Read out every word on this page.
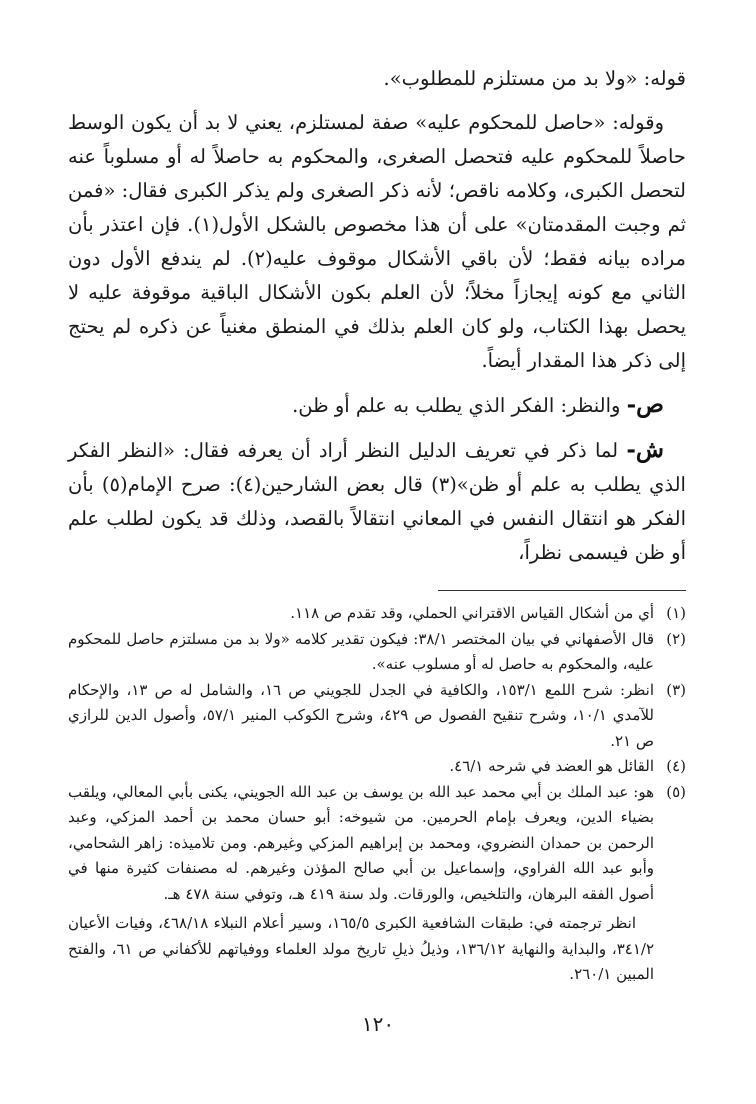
قوله: «ولا بد من مستلزم للمطلوب».

وقوله: «حاصل للمحكوم عليه» صفة لمستلزم، يعني لا بد أن يكون الوسط حاصلاً للمحكوم عليه فتحصل الصغرى، والمحكوم به حاصلاً له أو مسلوباً عنه لتحصل الكبرى، وكلامه ناقص؛ لأنه ذكر الصغرى ولم يذكر الكبرى فقال: «فمن ثم وجبت المقدمتان» على أن هذا مخصوص بالشكل الأول(١). فإن اعتذر بأن مراده بيانه فقط؛ لأن باقي الأشكال موقوف عليه(٢). لم يندفع الأول دون الثاني مع كونه إيجازاً مخلاً؛ لأن العلم بكون الأشكال الباقية موقوفة عليه لا يحصل بهذا الكتاب، ولو كان العلم بذلك في المنطق مغنياً عن ذكره لم يحتج إلى ذكر هذا المقدار أيضاً.

ص- والنظر: الفكر الذي يطلب به علم أو ظن.

ش- لما ذكر في تعريف الدليل النظر أراد أن يعرفه فقال: «النظر الفكر الذي يطلب به علم أو ظن»(٣) قال بعض الشارحين(٤): صرح الإمام(٥) بأن الفكر هو انتقال النفس في المعاني انتقالاً بالقصد، وذلك قد يكون لطلب علم أو ظن فيسمى نظراً،

(١)
أي من أشكال القياس الاقتراني الحملي، وقد تقدم ص ١١٨.
(٢)
قال الأصفهاني في بيان المختصر ٣٨/١: فيكون تقدير كلامه «ولا بد من مسلتزم حاصل للمحكوم عليه، والمحكوم به حاصل له أو مسلوب عنه».
(٣)
انظر: شرح اللمع ١٥٣/١، والكافية في الجدل للجويني ص ١٦، والشامل له ص ١٣، والإحكام للآمدي ١٠/١، وشرح تنقيح الفصول ص ٤٢٩، وشرح الكوكب المنير ٥٧/١، وأصول الدين للرازي ص ٢١.
(٤)
القائل هو العضد في شرحه ٤٦/١.
(٥)
هو: عبد الملك بن أبي محمد عبد الله بن يوسف بن عبد الله الجويني، يكنى بأبي المعالي، ويلقب بضياء الدين، ويعرف بإمام الحرمين. من شيوخه: أبو حسان محمد بن أحمد المزكي، وعبد الرحمن بن حمدان النضروي، ومحمد بن إبراهيم المزكي وغيرهم. ومن تلاميذه: زاهر الشحامي، وأبو عبد الله الفراوي، وإسماعيل بن أبي صالح المؤذن وغيرهم. له مصنفات كثيرة منها في أصول الفقه البرهان، والتلخيص، والورقات. ولد سنة ٤١٩ هـ، وتوفي سنة ٤٧٨ هـ.
انظر ترجمته في: طبقات الشافعية الكبرى ١٦٥/٥، وسير أعلام النبلاء ٤٦٨/١٨، وفيات الأعيان ٣٤١/٢، والبداية والنهاية ١٣٦/١٢، وذيلُ ذيلِ تاريخ مولد العلماء ووفياتهم للأكفاني ص ٦١، والفتح المبين ٢٦٠/١.
١٢٠
